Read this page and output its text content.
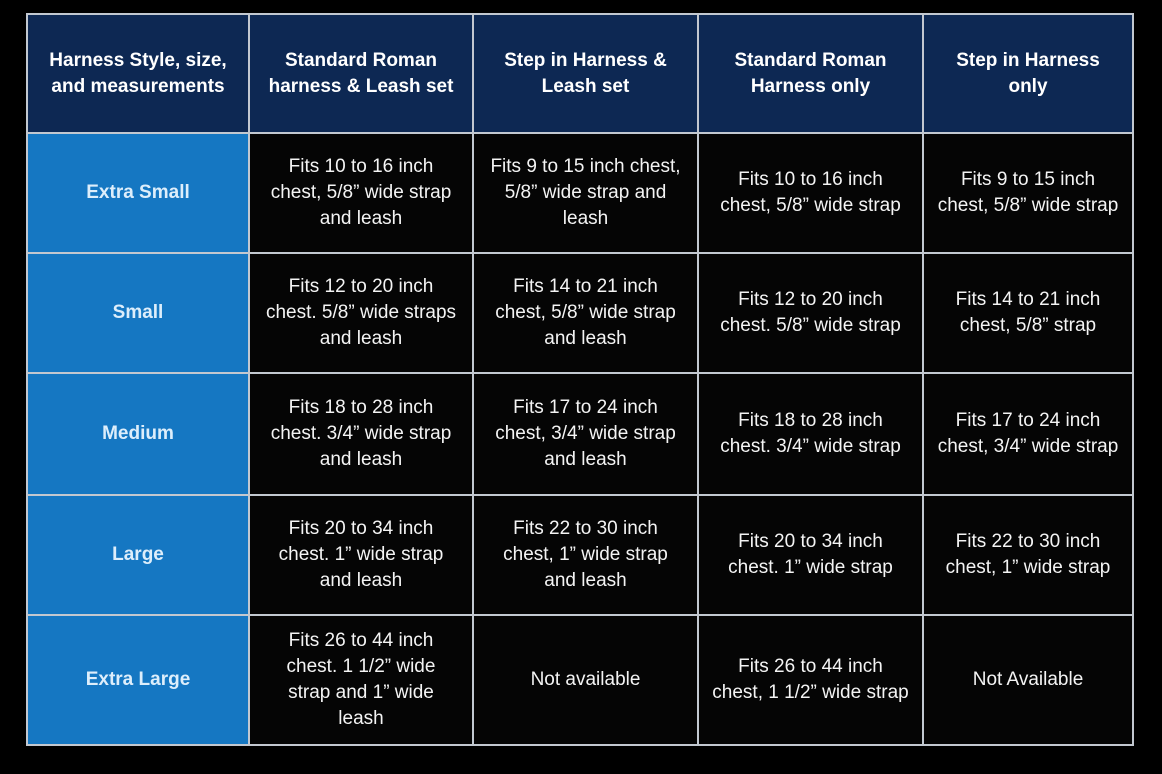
Harness Style, size, and measurements
Standard Roman harness & Leash set
Step in Harness & Leash set
Standard Roman Harness only
Step in Harness only
Extra Small
Fits 10 to 16 inch chest, 5/8” wide strap and leash
Fits 9 to 15 inch chest, 5/8” wide strap and leash
Fits 10 to 16 inch chest, 5/8” wide strap
Fits 9 to 15 inch chest, 5/8” wide strap
Small
Fits 12 to 20 inch chest. 5/8” wide straps and leash
Fits 14 to 21 inch chest, 5/8” wide strap and leash
Fits 12 to 20 inch chest. 5/8” wide strap
Fits 14 to 21 inch chest, 5/8” strap
Medium
Fits 18 to 28 inch chest. 3/4” wide strap and leash
Fits 17 to 24 inch chest, 3/4” wide strap and leash
Fits 18 to 28 inch chest. 3/4” wide strap
Fits 17 to 24 inch chest, 3/4” wide strap
Large
Fits 20 to 34 inch chest. 1” wide strap and leash
Fits 22 to 30 inch chest, 1” wide strap and leash
Fits 20 to 34 inch chest. 1” wide strap
Fits 22 to 30 inch chest, 1” wide strap
Extra Large
Fits 26 to 44 inch chest. 1 1/2” wide strap and 1” wide leash
Not available
Fits 26 to 44 inch chest, 1 1/2” wide strap
Not Available
